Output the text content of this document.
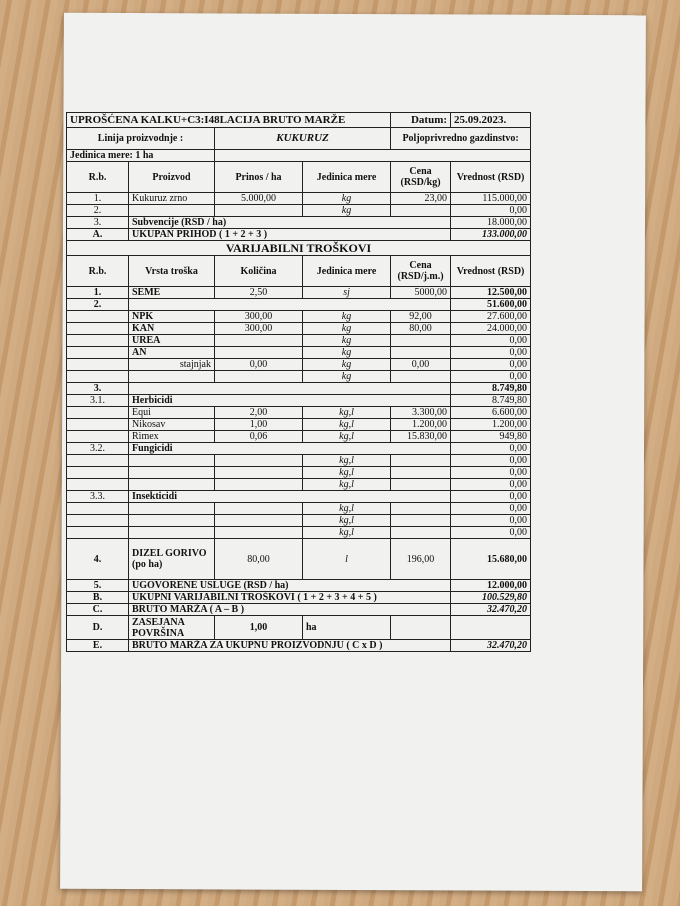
UPROŠĆENA KALKU+C3:I48LACIJA BRUTO MARŽE				Datum:	25.09.2023.
Linija proizvodnje :		KUKURUZ		Poljoprivredno gazdinstvo:	
Jedinica mere: 1 ha					
R.b.	Proizvod	Prinos / ha	Jedinica mere	Cena (RSD/kg)	Vrednost (RSD)
1.	Kukuruz zrno	5.000,00	kg	23,00	115.000,00
2.			kg		0,00
3.	Subvencije (RSD / ha)				18.000,00
A.	UKUPAN PRIHOD ( 1 + 2 + 3 )				133.000,00
VARIJABILNI TROŠKOVI					
R.b.	Vrsta troška	Količina	Jedinica mere	Cena (RSD/j.m.)	Vrednost (RSD)
1.	SEME	2,50	sj	5000,00	12.500,00
2.					51.600,00
	NPK	300,00	kg	92,00	27.600,00
	KAN	300,00	kg	80,00	24.000,00
	UREA		kg		0,00
	AN		kg		0,00
	stajnjak	0,00	kg	0,00	0,00
			kg		0,00
3.					8.749,80
3.1.	Herbicidi				8.749,80
	Equi	2,00	kg,l	3.300,00	6.600,00
	Nikosav	1,00	kg,l	1.200,00	1.200,00
	Rimex	0,06	kg,l	15.830,00	949,80
3.2.	Fungicidi				0,00
			kg,l		0,00
			kg,l		0,00
			kg,l		0,00
3.3.	Insekticidi				0,00
			kg,l		0,00
			kg,l		0,00
			kg,l		0,00
4.	DIZEL GORIVO (po ha)	80,00	l	196,00	15.680,00
5.	UGOVORENE USLUGE (RSD / ha)				12.000,00
B.	UKUPNI VARIJABILNI TROŠKOVI ( 1 + 2 + 3 + 4 + 5 )				100.529,80
C.	BRUTO MARŽA ( A – B )				32.470,20
D.	ZASEJANA POVRŠINA	1,00	ha		
E.	BRUTO MARŽA ZA UKUPNU PROIZVODNJU ( C x D )				32.470,20
